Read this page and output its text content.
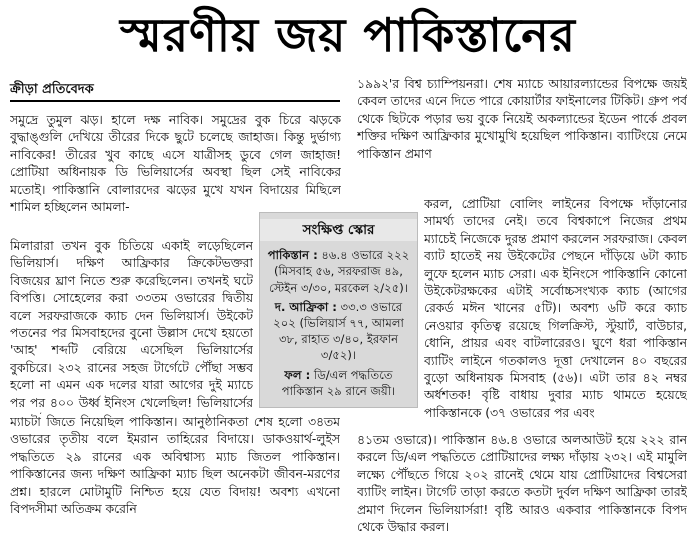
স্মরণীয় জয় পাকিস্তানের
ক্রীড়া প্রতিবেদক

সমুদ্রে তুমুল ঝড়। হালে দক্ষ নাবিক। সমুদ্রের বুক চিরে ঝড়কে বুদ্ধাঙ্গুলি দেখিয়ে তীরের দিকে ছুটে চলেছে জাহাজ। কিন্তু দুর্ভাগ্য নাবিকের! তীরের খুব কাছে এসে যাত্রীসহ ডুবে গেল জাহাজ! প্রোটিয়া অধিনায়ক ডি ভিলিয়ার্সের অবস্থা ছিল সেই নাবিকের মতোই। পাকিস্তানি বোলারদের ঝড়ের মুখে যখন বিদায়ের মিছিলে শামিল হচ্ছিলেন আমলা-

১৯৯২'র বিশ্ব চ্যাম্পিয়নরা। শেষ ম্যাচে আয়ারল্যান্ডের বিপক্ষে জয়ই কেবল তাদের এনে দিতে পারে কোয়ার্টার ফাইনালের টিকিট। গ্রুপ পর্ব থেকে ছিটকে পড়ার ভয় বুকে নিয়েই অকল্যান্ডের ইডেন পার্কে প্রবল শক্তির দক্ষিণ আফ্রিকার মুখোমুখি হয়েছিল পাকিস্তান। ব্যাটিংয়ে নেমে পাকিস্তান প্রমাণ

মিলারারা তখন বুক চিতিয়ে একাই লড়েছিলেন ভিলিয়ার্স। দক্ষিণ আফ্রিকার ক্রিকেটভক্তরা বিজয়ের ঘ্রাণ নিতে শুরু করেছিলেন। তখনই ঘটে বিপত্তি। সোহেলের করা ৩৩তম ওভারের দ্বিতীয় বলে সরফরাজকে ক্যাচ দেন ভিলিয়ার্স। উইকেট পতনের পর মিসবাহদের বুনো উল্লাস দেখে হয়তো 'আহ' শব্দটি বেরিয়ে এসেছিল ভিলিয়ার্সের বুকচিরে। ২৩২ রানের সহজ টার্গেটে পৌঁছা সম্ভব হলো না এমন এক দলের যারা আগের দুই ম্যাচে পর পর ৪০০ উর্ধ্ব ইনিংস খেলেছিল! ভিলিয়ার্সের

করল, প্রোটিয়া বোলিং লাইনের বিপক্ষে দাঁড়ানোর সামর্থ্য তাদের নেই। তবে বিশ্বকাপে নিজের প্রথম ম্যাচেই নিজেকে দুরন্ত প্রমাণ করলেন সরফরাজ। কেবল ব্যাট হাতেই নয় উইকেটের পেছনে দাঁড়িয়ে ৬টা ক্যাচ লুফে হলেন ম্যাচ সেরা। এক ইনিংসে পাকিস্তানি কোনো উইকেটরক্ষকের এটাই সর্বোচ্চসংখ্যক ক্যাচ (আগের রেকর্ড মঈন খানের ৫টি)। অবশ্য ৬টি করে ক্যাচ নেওয়ার কৃতিত্ব রয়েছে গিলক্রিস্ট, স্টুয়ার্ট, বাউচার, ধোনি, প্রায়র এবং বাটলারেরও। ঘুণে ধরা পাকিস্তান ব্যাটিং লাইনে গতকালও দূত্তা দেখালেন ৪০ বছরের বুড়ো অধিনায়ক মিসবাহ (৫৬)। এটা তার ৪২ নম্বর অর্ধশতক! বৃষ্টি বাধায় দুবার ম্যাচ থামতে হয়েছে পাকিস্তানকে (৩৭ ওভারের পর এবং

ম্যাচটা জিতে নিয়েছিল পাকিস্তান। আনুষ্ঠানিকতা শেষ হলো ৩৪তম ওভারের তৃতীয় বলে ইমরান তাহিরের বিদায়ে। ডাকওয়ার্থ-লুইস পদ্ধতিতে ২৯ রানের এক অবিশ্বাস্য ম্যাচ জিতল পাকিস্তান। পাকিস্তানের জন্য দক্ষিণ আফ্রিকা ম্যাচ ছিল অনেকটা জীবন-মরণের প্রশ্ন। হারলে মোটামুটি নিশ্চিত হয়ে যেত বিদায়! অবশ্য এখনো বিপদসীমা অতিক্রম করেনি

৪১তম ওভারে)। পাকিস্তান ৪৬.৪ ওভারে অলআউট হয়ে ২২২ রান করলে ডি/এল পদ্ধতিতে প্রোটিয়াদের লক্ষ্য দাঁড়ায় ২৩২। এই মামুলি লক্ষ্যে পৌঁছতে গিয়ে ২০২ রানেই থেমে যায় প্রোটিয়াদের বিশ্বসেরা ব্যাটিং লাইন। টার্গেট তাড়া করতে কতটা দুর্বল দক্ষিণ আফ্রিকা তারই প্রমাণ দিলেন ভিলিয়ার্সরা! বৃষ্টি আরও একবার পাকিস্তানকে বিপদ থেকে উদ্ধার করল।

সংক্ষিপ্ত স্কোর
পাকিস্তান : ৪৬.৪ ওভারে ২২২ (মিসবাহ ৫৬, সরফরাজ ৪৯, স্টেইন ৩/৩০, মরকেল ২/২৫)।
দ. আফ্রিকা : ৩৩.৩ ওভারে ২০২ (ভিলিয়ার্স ৭৭, আমলা ৩৮, রাহাত ৩/৪০, ইরফান ৩/৫২)।
ফল : ডি/এল পদ্ধতিতে পাকিস্তান ২৯ রানে জয়ী।
